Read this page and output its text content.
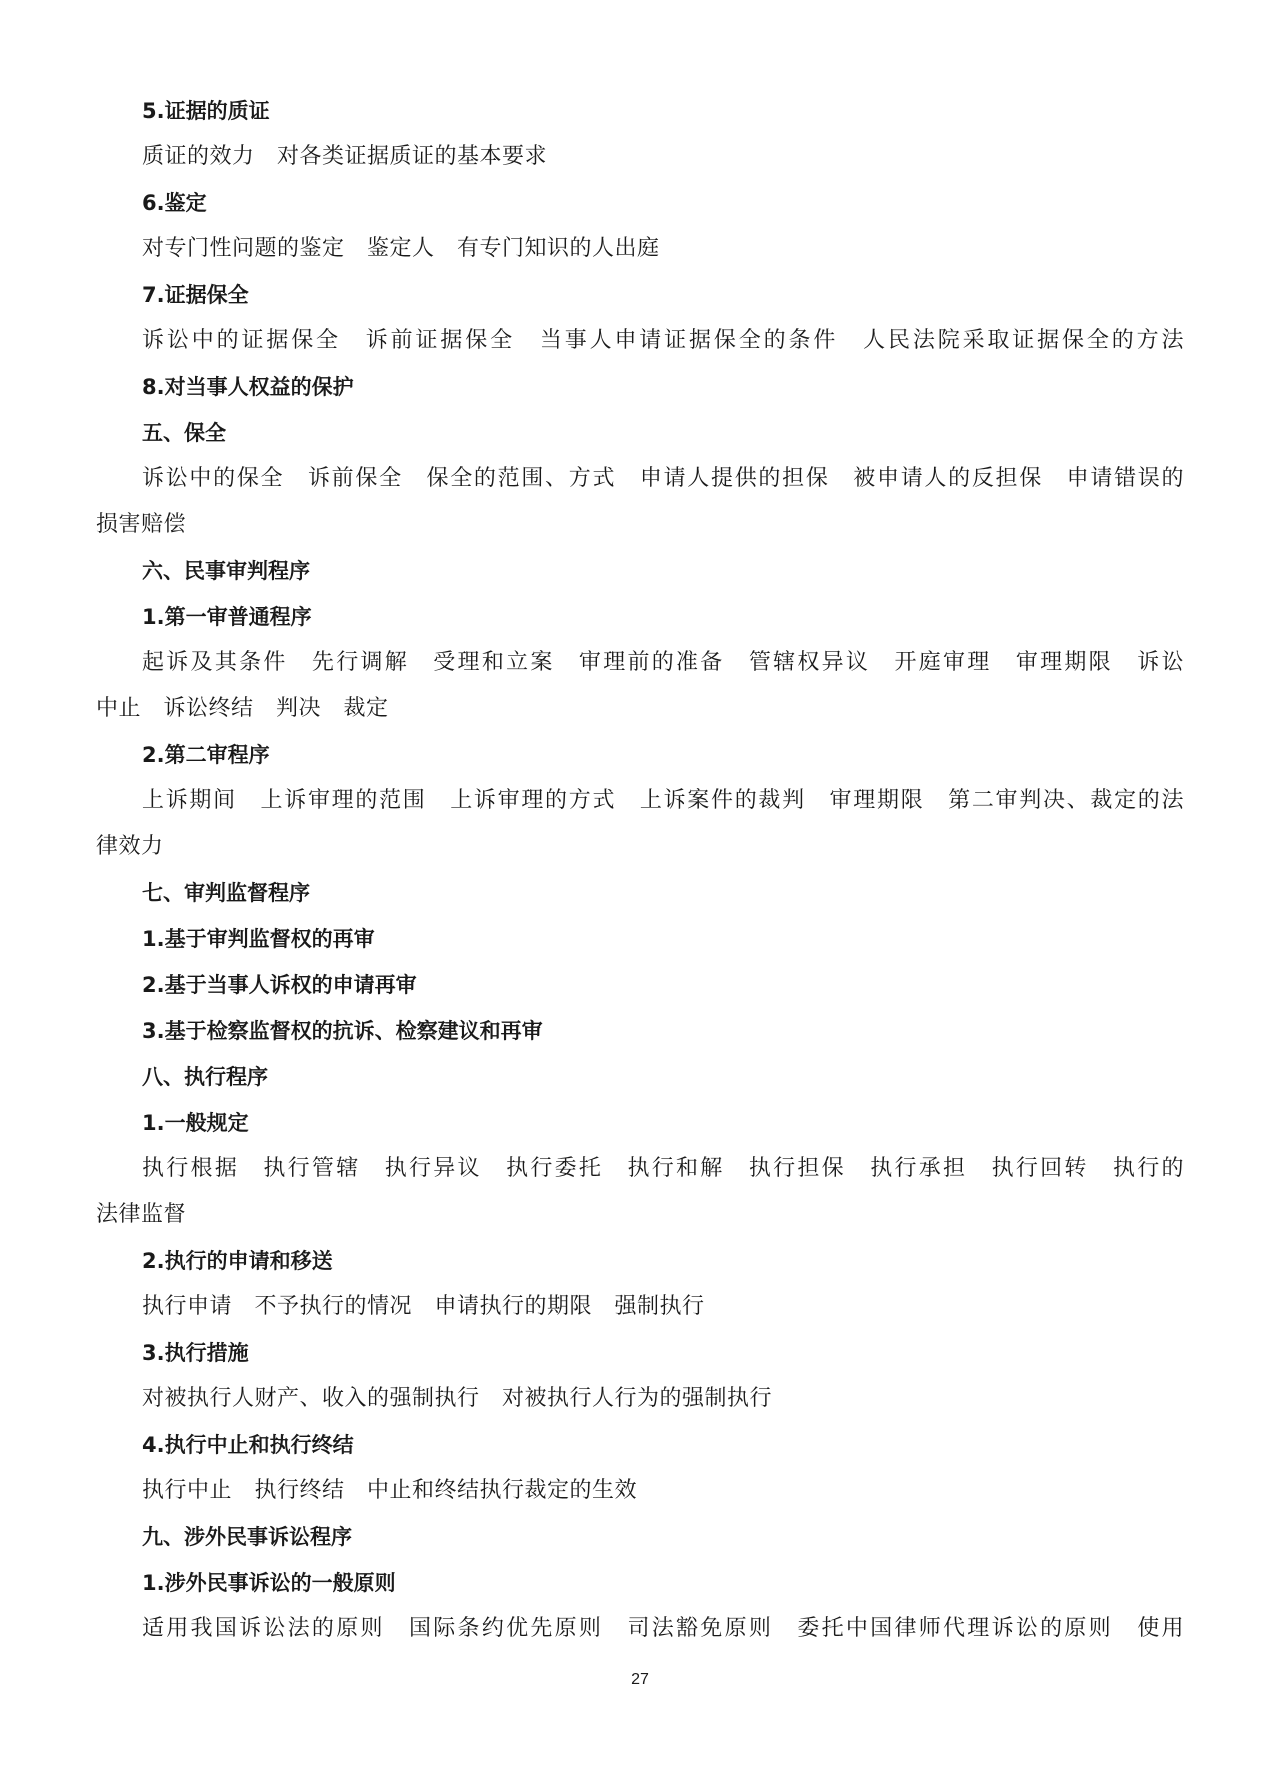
5.证据的质证
质证的效力　对各类证据质证的基本要求
6.鉴定
对专门性问题的鉴定　鉴定人　有专门知识的人出庭
7.证据保全
诉讼中的证据保全　诉前证据保全　当事人申请证据保全的条件　人民法院采取证据保全的方法
8.对当事人权益的保护
五、保全
诉讼中的保全　诉前保全　保全的范围、方式　申请人提供的担保　被申请人的反担保　申请错误的
损害赔偿
六、民事审判程序
1.第一审普通程序
起诉及其条件　先行调解　受理和立案　审理前的准备　管辖权异议　开庭审理　审理期限　诉讼
中止　诉讼终结　判决　裁定
2.第二审程序
上诉期间　上诉审理的范围　上诉审理的方式　上诉案件的裁判　审理期限　第二审判决、裁定的法
律效力
七、审判监督程序
1.基于审判监督权的再审
2.基于当事人诉权的申请再审
3.基于检察监督权的抗诉、检察建议和再审
八、执行程序
1.一般规定
执行根据　执行管辖　执行异议　执行委托　执行和解　执行担保　执行承担　执行回转　执行的
法律监督
2.执行的申请和移送
执行申请　不予执行的情况　申请执行的期限　强制执行
3.执行措施
对被执行人财产、收入的强制执行　对被执行人行为的强制执行
4.执行中止和执行终结
执行中止　执行终结　中止和终结执行裁定的生效
九、涉外民事诉讼程序
1.涉外民事诉讼的一般原则
适用我国诉讼法的原则　国际条约优先原则　司法豁免原则　委托中国律师代理诉讼的原则　使用
27
